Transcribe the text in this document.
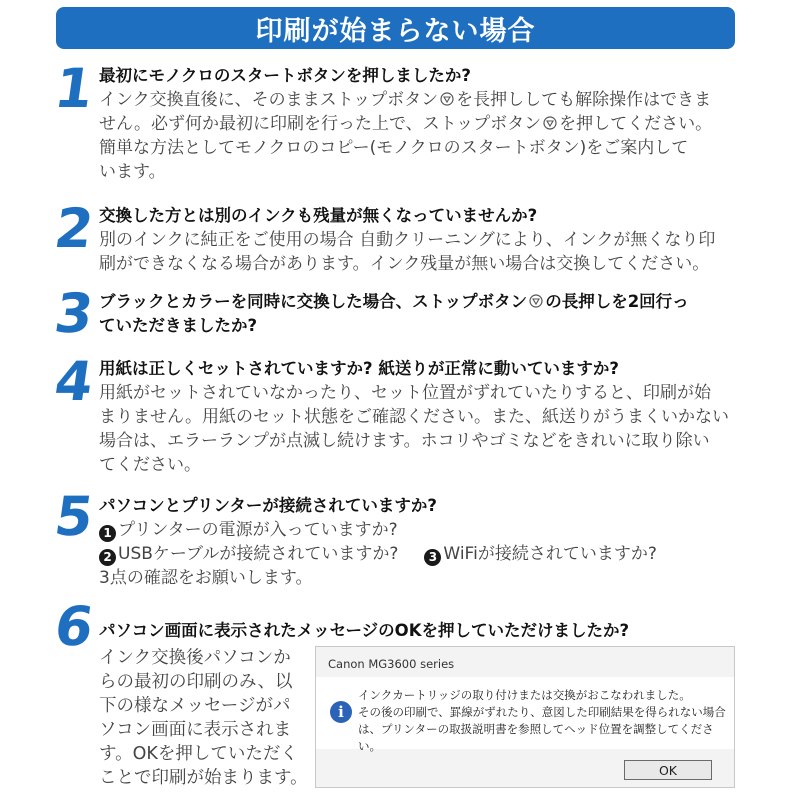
印刷が始まらない場合
1 最初にモノクロのスタートボタンを押しましたか?
インク交換直後に、そのままストップボタン を長押ししても解除操作はできま
せん。必ず何か最初に印刷を行った上で、ストップボタン を押してください。
簡単な方法としてモノクロのコピー(モノクロのスタートボタン)をご案内して
います。
2 交換した方とは別のインクも残量が無くなっていませんか?
別のインクに純正をご使用の場合 自動クリーニングにより、インクが無くなり印
刷ができなくなる場合があります。インク残量が無い場合は交換してください。
3 ブラックとカラーを同時に交換した場合、ストップボタン の長押しを2回行っ
ていただきましたか?
4 用紙は正しくセットされていますか? 紙送りが正常に動いていますか?
用紙がセットされていなかったり、セット位置がずれていたりすると、印刷が始
まりません。用紙のセット状態をご確認ください。また、紙送りがうまくいかない
場合は、エラーランプが点滅し続けます。ホコリやゴミなどをきれいに取り除い
てください。
5 パソコンとプリンターが接続されていますか?
1 プリンターの電源が入っていますか?
2 USBケーブルが接続されていますか?	3 WiFiが接続されていますか?
3点の確認をお願いします。
6 パソコン画面に表示されたメッセージのOKを押していただけましたか?
インク交換後パソコンか
らの最初の印刷のみ、以
下の様なメッセージがパ
ソコン画面に表示されま
す。OKを押していただく
ことで印刷が始まります。
Canon MG3600 series
i
インクカートリッジの取り付けまたは交換がおこなわれました。
その後の印刷で、罫線がずれたり、意図した印刷結果を得られない場合
は、プリンターの取扱説明書を参照してヘッド位置を調整してください。
OK
